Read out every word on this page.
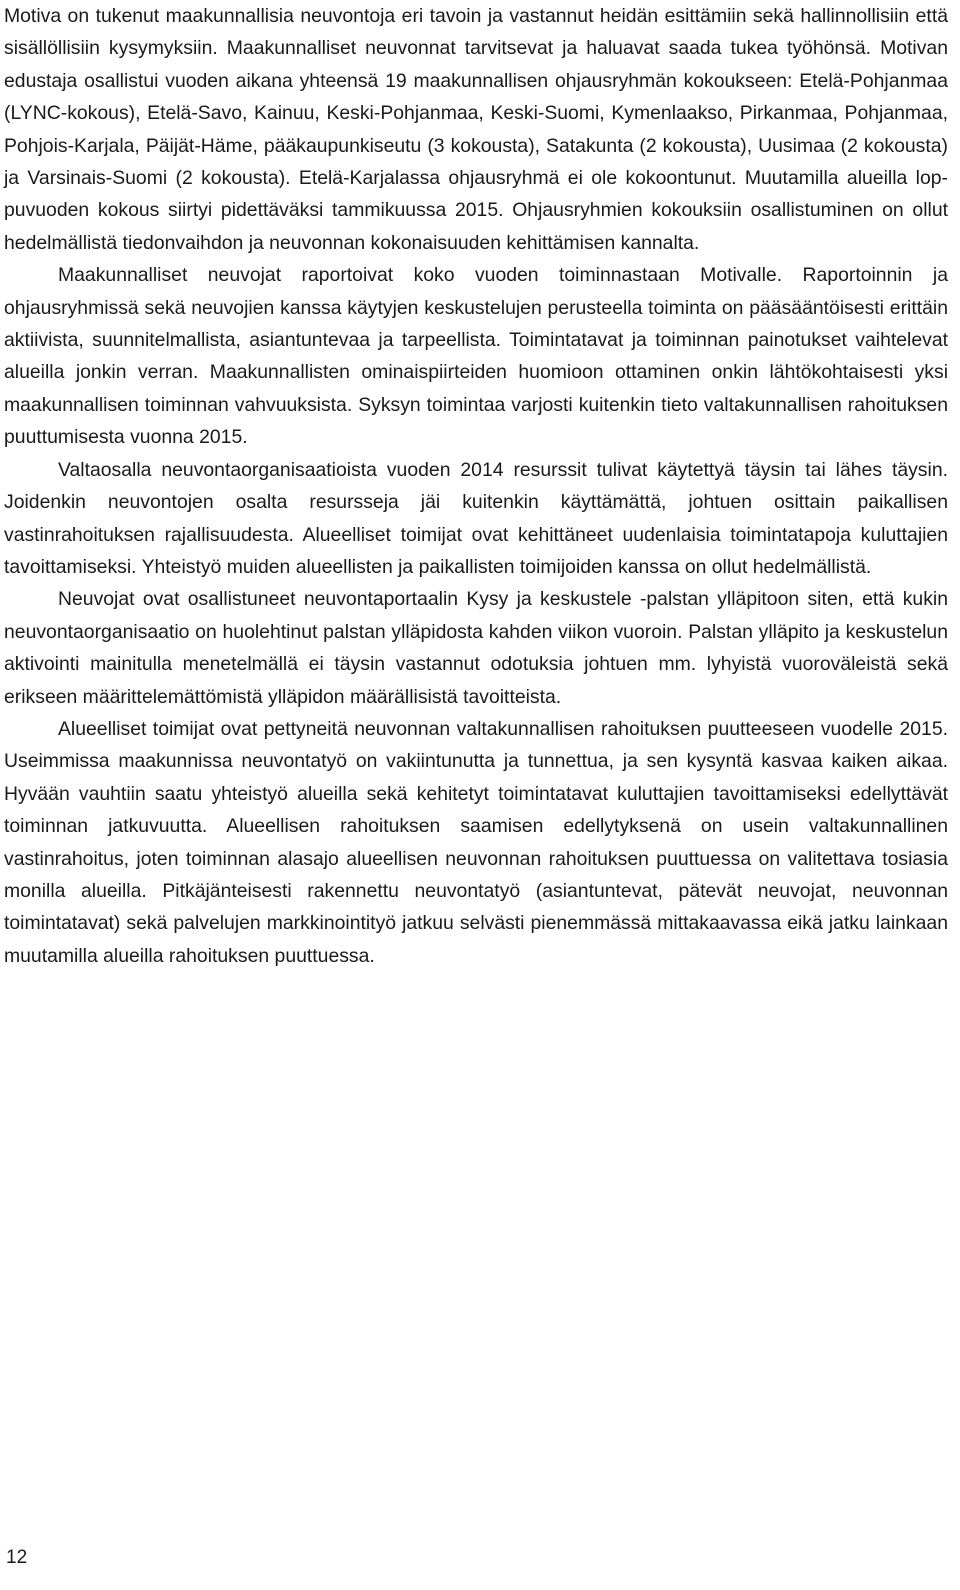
Motiva on tukenut maakunnallisia neuvontoja eri tavoin ja vastannut heidän esittämiin sekä hallinnollisiin että sisällöllisiin kysymyksiin. Maakunnalliset neuvonnat tarvitsevat ja haluavat saada tukea työhönsä. Motivan edustaja osallistui vuoden aikana yhteensä 19 maakunnallisen ohjausryhmän kokoukseen: Etelä-Pohjanmaa (LYNC-kokous), Etelä-Savo, Kainuu, Keski-Pohjanmaa, Keski-Suomi, Kymenlaakso, Pirkanmaa, Pohjanmaa, Pohjois-Karjala, Päijät-Häme, pääkaupunkiseutu (3 kokousta), Satakunta (2 kokousta), Uusimaa (2 kokousta) ja Varsinais-Suomi (2 kokousta). Etelä-Karjalassa ohjausryhmä ei ole kokoontunut. Muutamilla alueilla loppuvuoden kokous siirtyi pidettäväksi tammikuussa 2015. Ohjausryhmien kokouksiin osallistuminen on ollut hedelmällistä tiedonvaihdon ja neuvonnan kokonaisuuden kehittämisen kannalta.

Maakunnalliset neuvojat raportoivat koko vuoden toiminnastaan Motivalle. Raportoinnin ja ohjausryhmissä sekä neuvojien kanssa käytyjen keskustelujen perusteella toiminta on pääsääntöisesti erittäin aktiivista, suunnitelmallista, asiantuntevaa ja tarpeellista. Toimintatavat ja toiminnan painotukset vaihtelevat alueilla jonkin verran. Maakunnallisten ominaispiirteiden huomioon ottaminen onkin lähtökohtaisesti yksi maakunnallisen toiminnan vahvuuksista. Syksyn toimintaa varjosti kuitenkin tieto valtakunnallisen rahoituksen puuttumisesta vuonna 2015.

Valtaosalla neuvontaorganisaatioista vuoden 2014 resurssit tulivat käytettyä täysin tai lähes täysin. Joidenkin neuvontojen osalta resursseja jäi kuitenkin käyttämättä, johtuen osittain paikallisen vastinrahoituksen rajallisuudesta. Alueelliset toimijat ovat kehittäneet uudenlaisia toimintatapoja kuluttajien tavoittamiseksi. Yhteistyö muiden alueellisten ja paikallisten toimijoiden kanssa on ollut hedelmällistä.

Neuvojat ovat osallistuneet neuvontaportaalin Kysy ja keskustele -palstan ylläpitoon siten, että kukin neuvontaorganisaatio on huolehtinut palstan ylläpidosta kahden viikon vuoroin. Palstan ylläpito ja keskustelun aktivointi mainitulla menetelmällä ei täysin vastannut odotuksia johtuen mm. lyhyistä vuoroväleistä sekä erikseen määrittelemättömistä ylläpidon määrällisistä tavoitteista.

Alueelliset toimijat ovat pettyneitä neuvonnan valtakunnallisen rahoituksen puutteeseen vuodelle 2015. Useimmissa maakunnissa neuvontatyö on vakiintunutta ja tunnettua, ja sen kysyntä kasvaa kaiken aikaa. Hyvään vauhtiin saatu yhteistyö alueilla sekä kehitetyt toimintatavat kuluttajien tavoittamiseksi edellyttävät toiminnan jatkuvuutta. Alueellisen rahoituksen saamisen edellytyksenä on usein valtakunnallinen vastinrahoitus, joten toiminnan alasajo alueellisen neuvonnan rahoituksen puuttuessa on valitettava tosiasia monilla alueilla. Pitkäjänteisesti rakennettu neuvontatyö (asiantuntevat, pätevät neuvojat, neuvonnan toimintatavat) sekä palvelujen markkinointityö jatkuu selvästi pienemmässä mittakaavassa eikä jatku lainkaan muutamilla alueilla rahoituksen puuttuessa.

12
